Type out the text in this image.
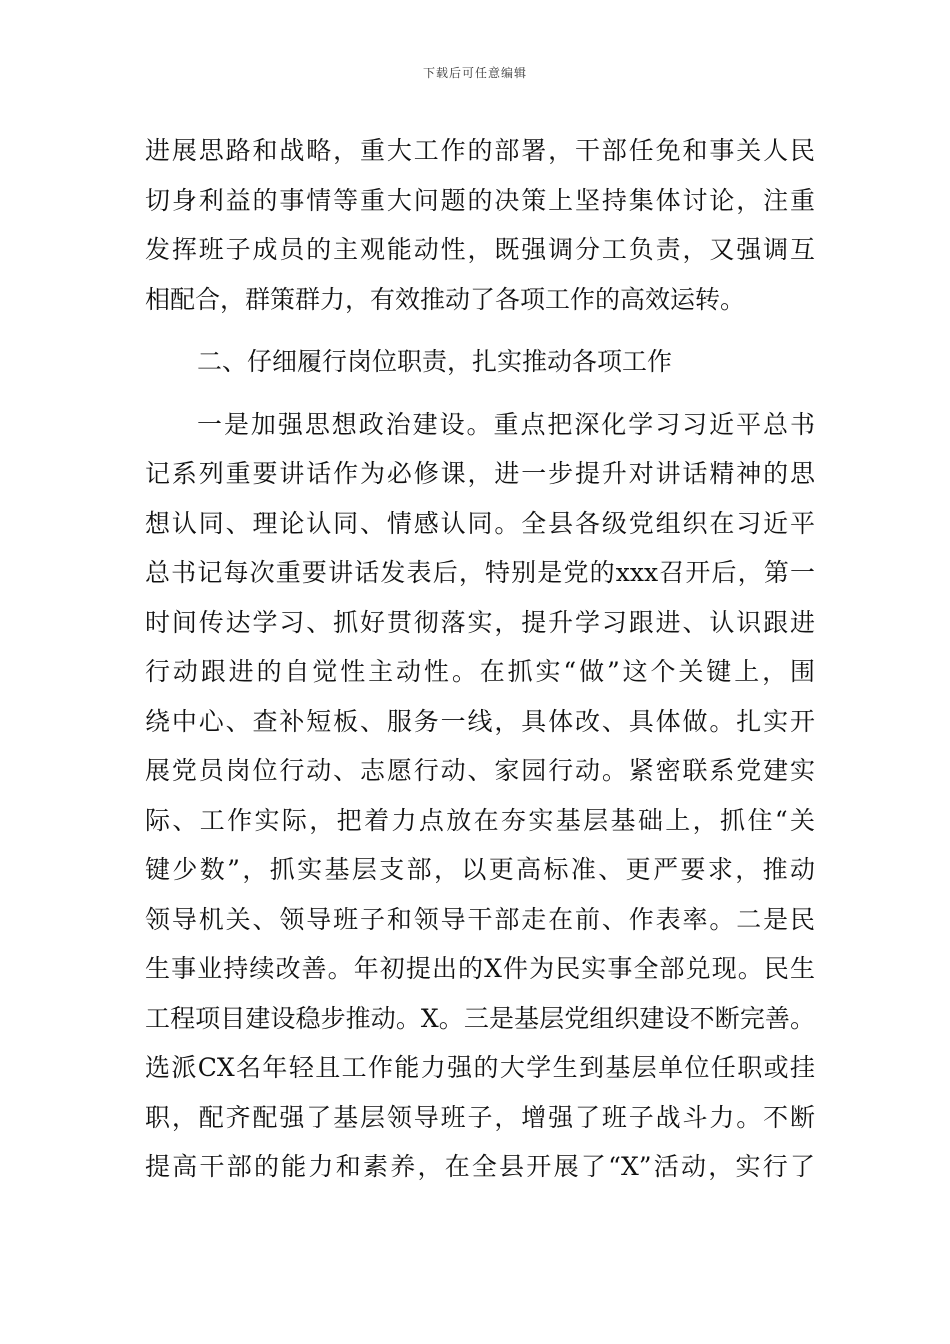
下载后可任意编辑
进展思路和战略，重大工作的部署，干部任免和事关人民
切身利益的事情等重大问题的决策上坚持集体讨论，注重
发挥班子成员的主观能动性，既强调分工负责，又强调互
相配合，群策群力，有效推动了各项工作的高效运转。
二、仔细履行岗位职责，扎实推动各项工作
一是加强思想政治建设。重点把深化学习习近平总书
记系列重要讲话作为必修课，进一步提升对讲话精神的思
想认同、理论认同、情感认同。全县各级党组织在习近平
总书记每次重要讲话发表后，特别是党的xxx召开后，第一
时间传达学习、抓好贯彻落实，提升学习跟进、认识跟进
行动跟进的自觉性主动性。在抓实“做”这个关键上，围
绕中心、查补短板、服务一线，具体改、具体做。扎实开
展党员岗位行动、志愿行动、家园行动。紧密联系党建实
际、工作实际，把着力点放在夯实基层基础上，抓住“关
键少数”，抓实基层支部，以更高标准、更严要求，推动
领导机关、领导班子和领导干部走在前、作表率。二是民
生事业持续改善。年初提出的X件为民实事全部兑现。民生
工程项目建设稳步推动。X。三是基层党组织建设不断完善。
选派CX名年轻且工作能力强的大学生到基层单位任职或挂
职，配齐配强了基层领导班子，增强了班子战斗力。不断
提高干部的能力和素养，在全县开展了“X”活动，实行了
